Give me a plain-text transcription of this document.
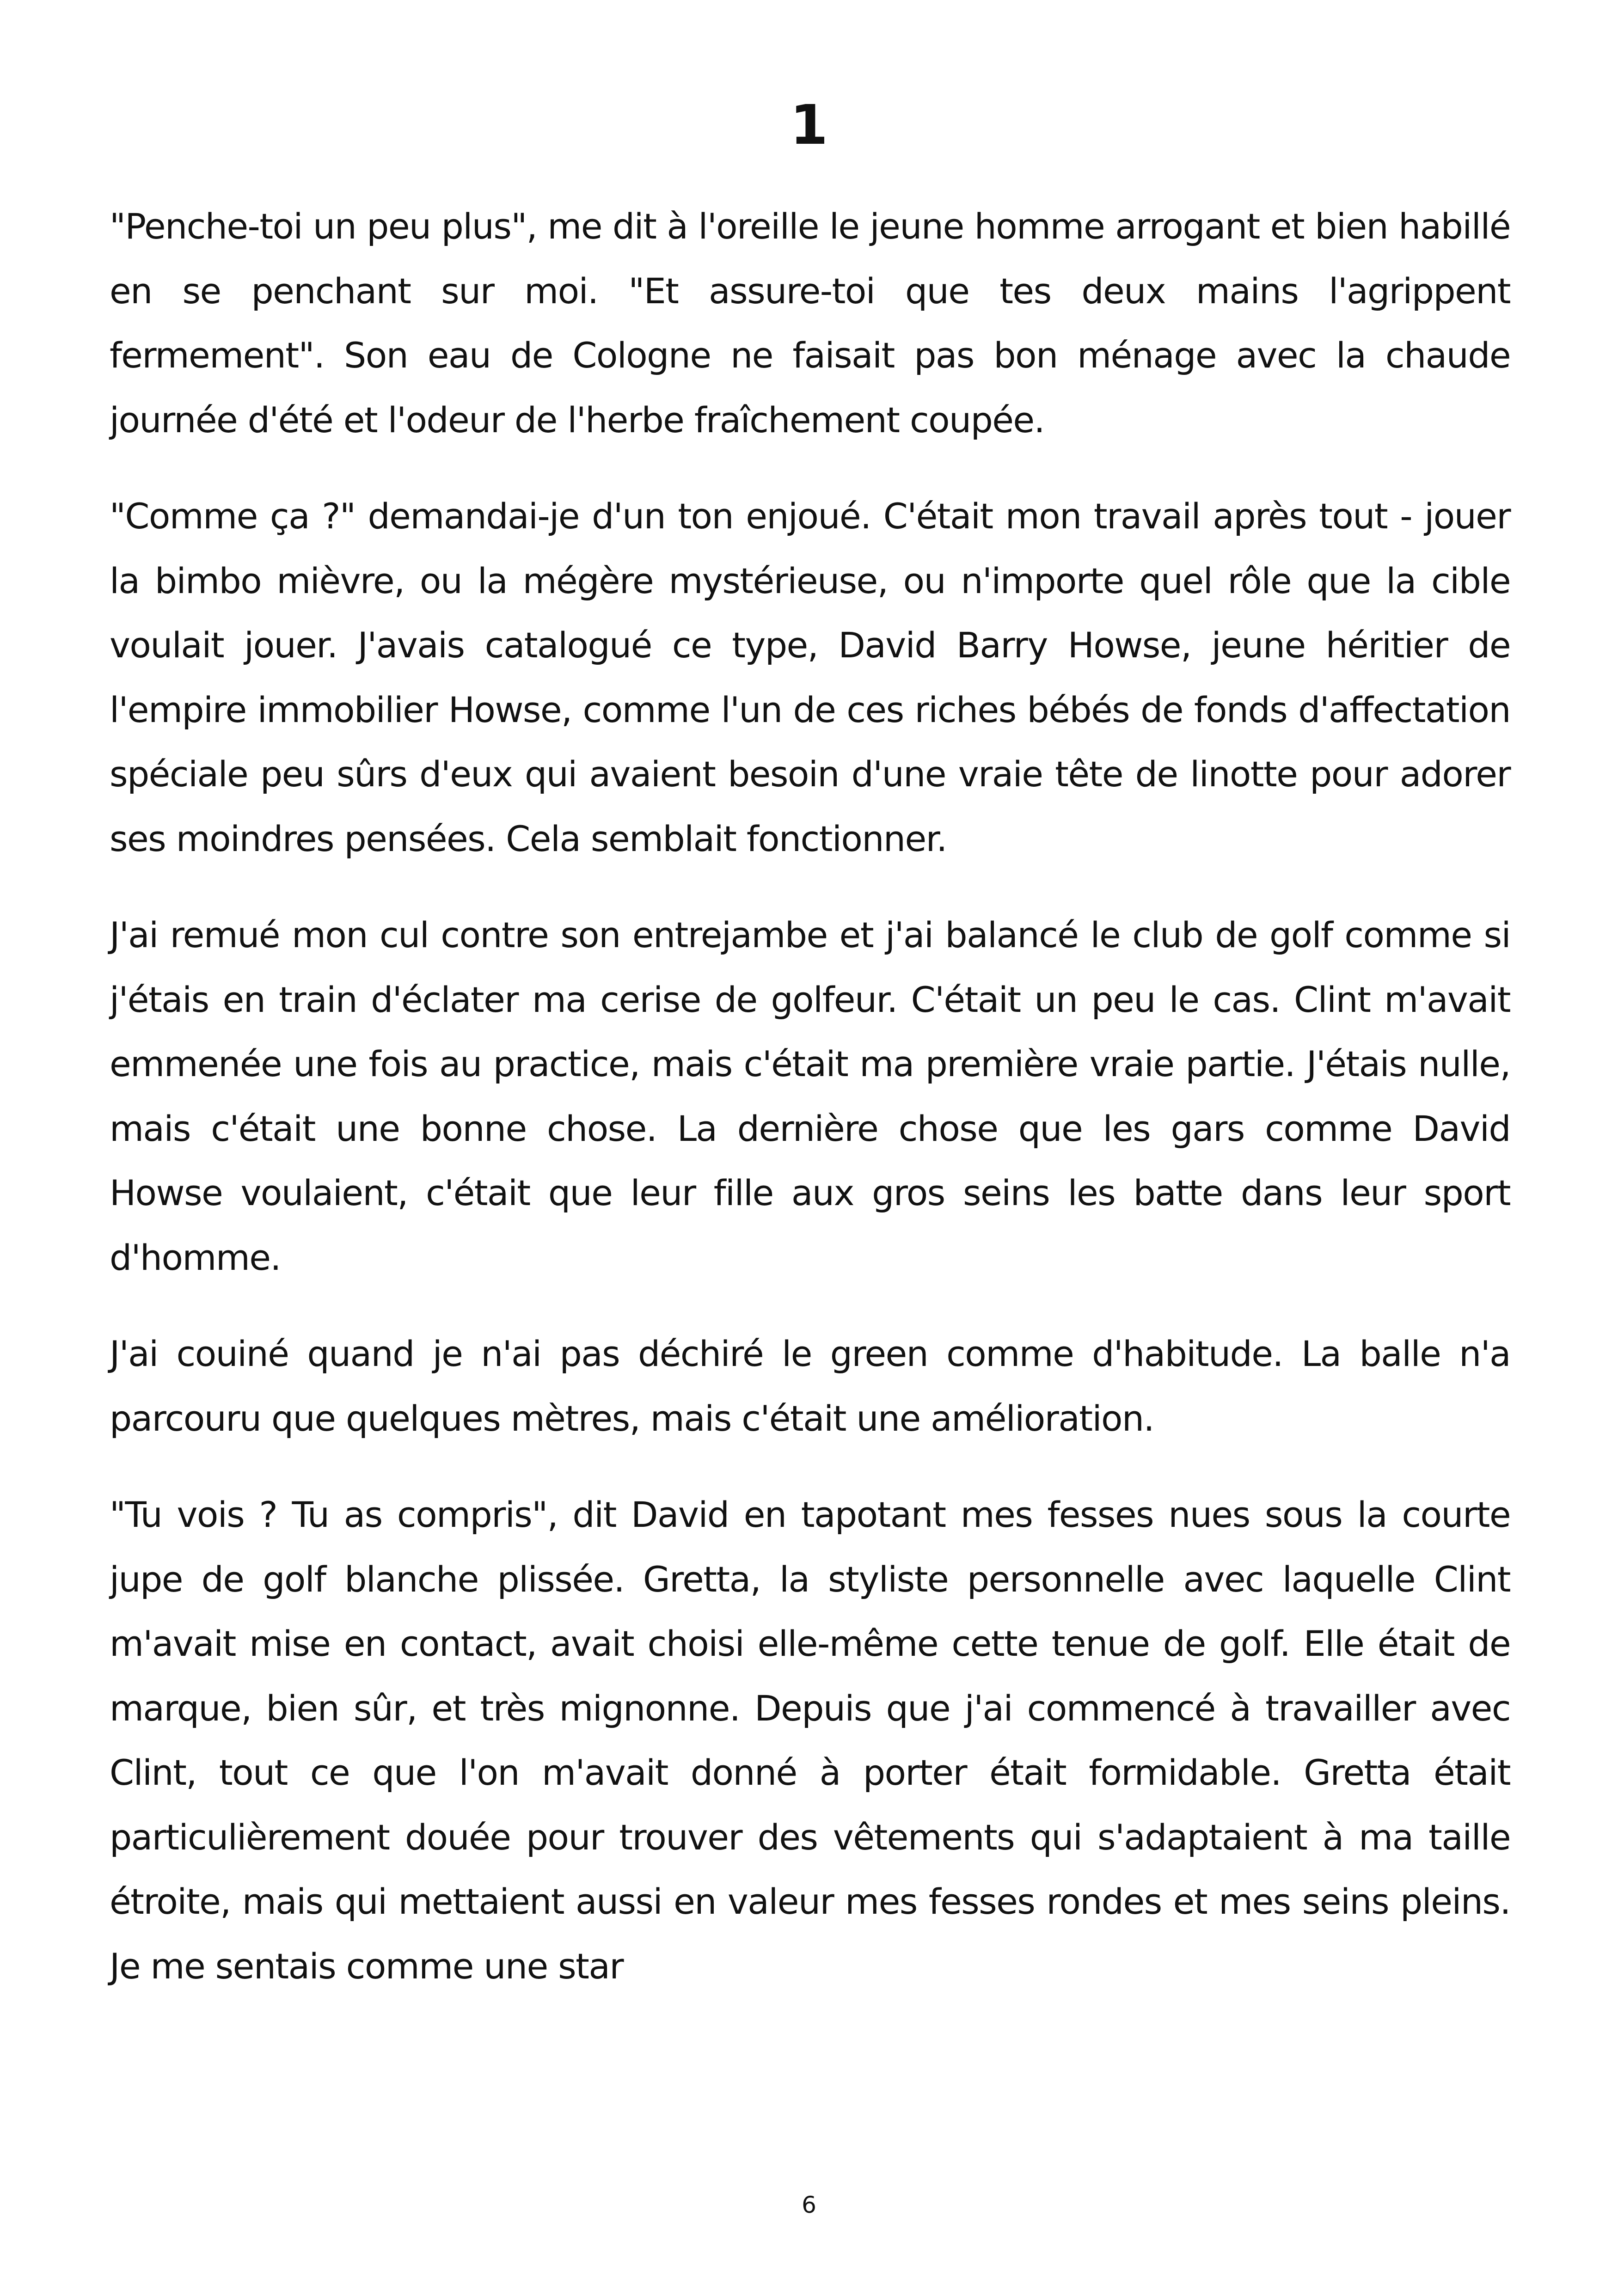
1

"Penche-toi un peu plus", me dit à l'oreille le jeune homme arrogant et bien habillé en se penchant sur moi. "Et assure-toi que tes deux mains l'agrippent fermement". Son eau de Cologne ne faisait pas bon ménage avec la chaude journée d'été et l'odeur de l'herbe fraîchement coupée.

"Comme ça ?" demandai-je d'un ton enjoué. C'était mon travail après tout - jouer la bimbo mièvre, ou la mégère mystérieuse, ou n'importe quel rôle que la cible voulait jouer. J'avais catalogué ce type, David Barry Howse, jeune héritier de l'empire immobilier Howse, comme l'un de ces riches bébés de fonds d'affectation spéciale peu sûrs d'eux qui avaient besoin d'une vraie tête de linotte pour adorer ses moindres pensées. Cela semblait fonctionner.

J'ai remué mon cul contre son entrejambe et j'ai balancé le club de golf comme si j'étais en train d'éclater ma cerise de golfeur. C'était un peu le cas. Clint m'avait emmenée une fois au practice, mais c'était ma première vraie partie. J'étais nulle, mais c'était une bonne chose. La dernière chose que les gars comme David Howse voulaient, c'était que leur fille aux gros seins les batte dans leur sport d'homme.

J'ai couiné quand je n'ai pas déchiré le green comme d'habitude. La balle n'a parcouru que quelques mètres, mais c'était une amélioration.

"Tu vois ? Tu as compris", dit David en tapotant mes fesses nues sous la courte jupe de golf blanche plissée. Gretta, la styliste personnelle avec laquelle Clint m'avait mise en contact, avait choisi elle-même cette tenue de golf. Elle était de marque, bien sûr, et très mignonne. Depuis que j'ai commencé à travailler avec Clint, tout ce que l'on m'avait donné à porter était formidable. Gretta était particulièrement douée pour trouver des vêtements qui s'adaptaient à ma taille étroite, mais qui mettaient aussi en valeur mes fesses rondes et mes seins pleins. Je me sentais comme une star

6
